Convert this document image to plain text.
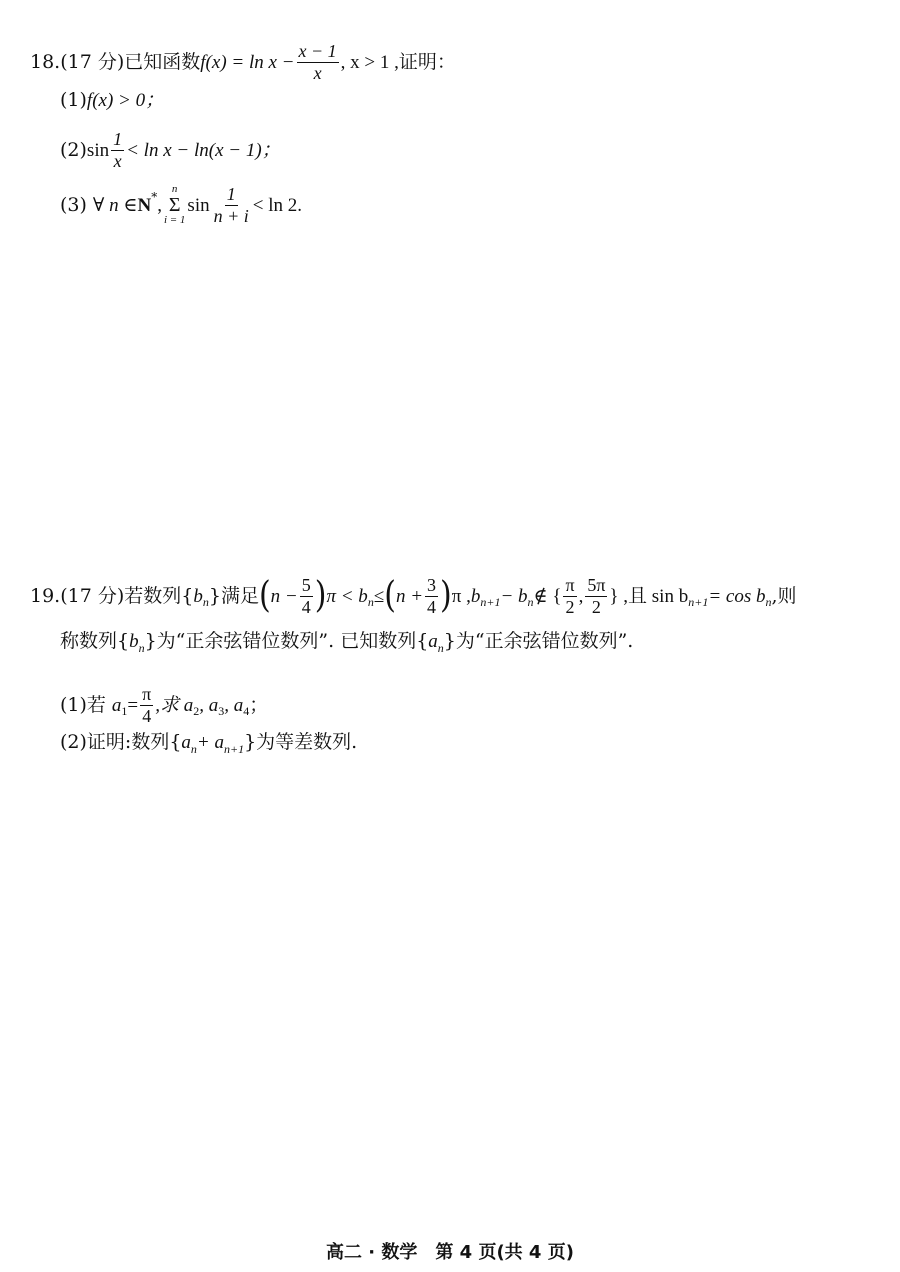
18. (17 分) 已知函数 $f(x) = \ln x - \frac{x - 1}{x}$ , x > 1 , 证明：
(1) f(x) > 0；
(2) $\sin \frac{1}{x} < \ln x - \ln(x - 1)$；
(3) ∀ n ∈ N * ,
n
Σ
i = 1
$\sin \frac{1}{n + i} < \ln 2$.
19. (17 分) 若数列{ b n }满足 ( $n - \frac{5}{4}$ ) π < b n ≤ ( $n + \frac{3}{4}$ ) π , b n+1 − b n ∉ { $\frac{\pi}{2}$ , $\frac{5\pi}{2}$ } ,且 sin b n+1 = cos b n ,则
称数列{ b n }为“正余弦错位数列”. 已知数列{ a n }为“正余弦错位数列”.
(1)若 a $1 = \frac{\pi}{4}$ ,求 a 2 , a 3 , a 4 ；
(2)证明:数列{ a n + a n+1 }为等差数列.
高二 · 数学　第 4 页(共 4 页)
